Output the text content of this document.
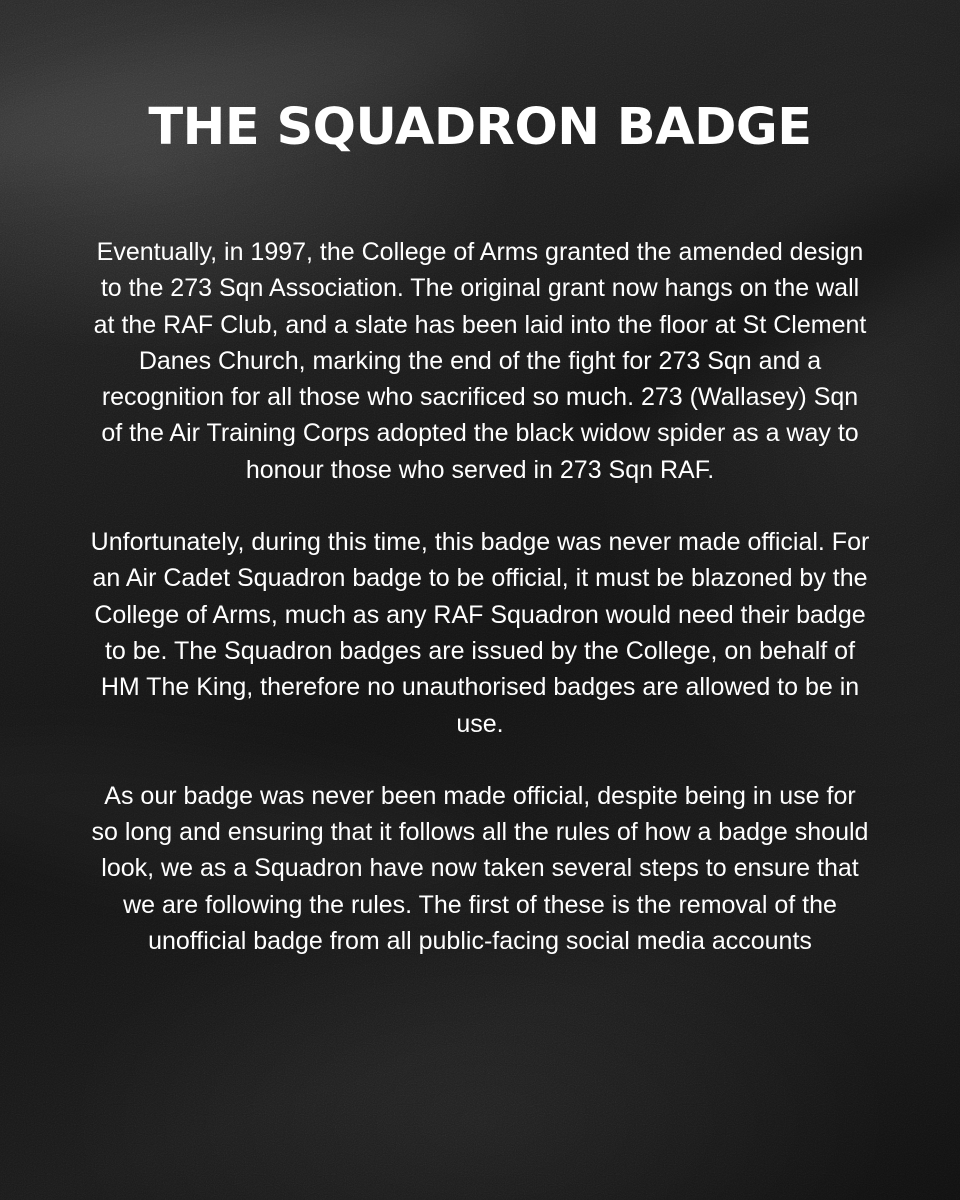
THE SQUADRON BADGE

Eventually, in 1997, the College of Arms granted the amended design to the 273 Sqn Association. The original grant now hangs on the wall at the RAF Club, and a slate has been laid into the floor at St Clement Danes Church, marking the end of the fight for 273 Sqn and a recognition for all those who sacrificed so much. 273 (Wallasey) Sqn of the Air Training Corps adopted the black widow spider as a way to honour those who served in 273 Sqn RAF.

Unfortunately, during this time, this badge was never made official. For an Air Cadet Squadron badge to be official, it must be blazoned by the College of Arms, much as any RAF Squadron would need their badge to be. The Squadron badges are issued by the College, on behalf of HM The King, therefore no unauthorised badges are allowed to be in use.

As our badge was never been made official, despite being in use for so long and ensuring that it follows all the rules of how a badge should look, we as a Squadron have now taken several steps to ensure that we are following the rules. The first of these is the removal of the unofficial badge from all public-facing social media accounts
